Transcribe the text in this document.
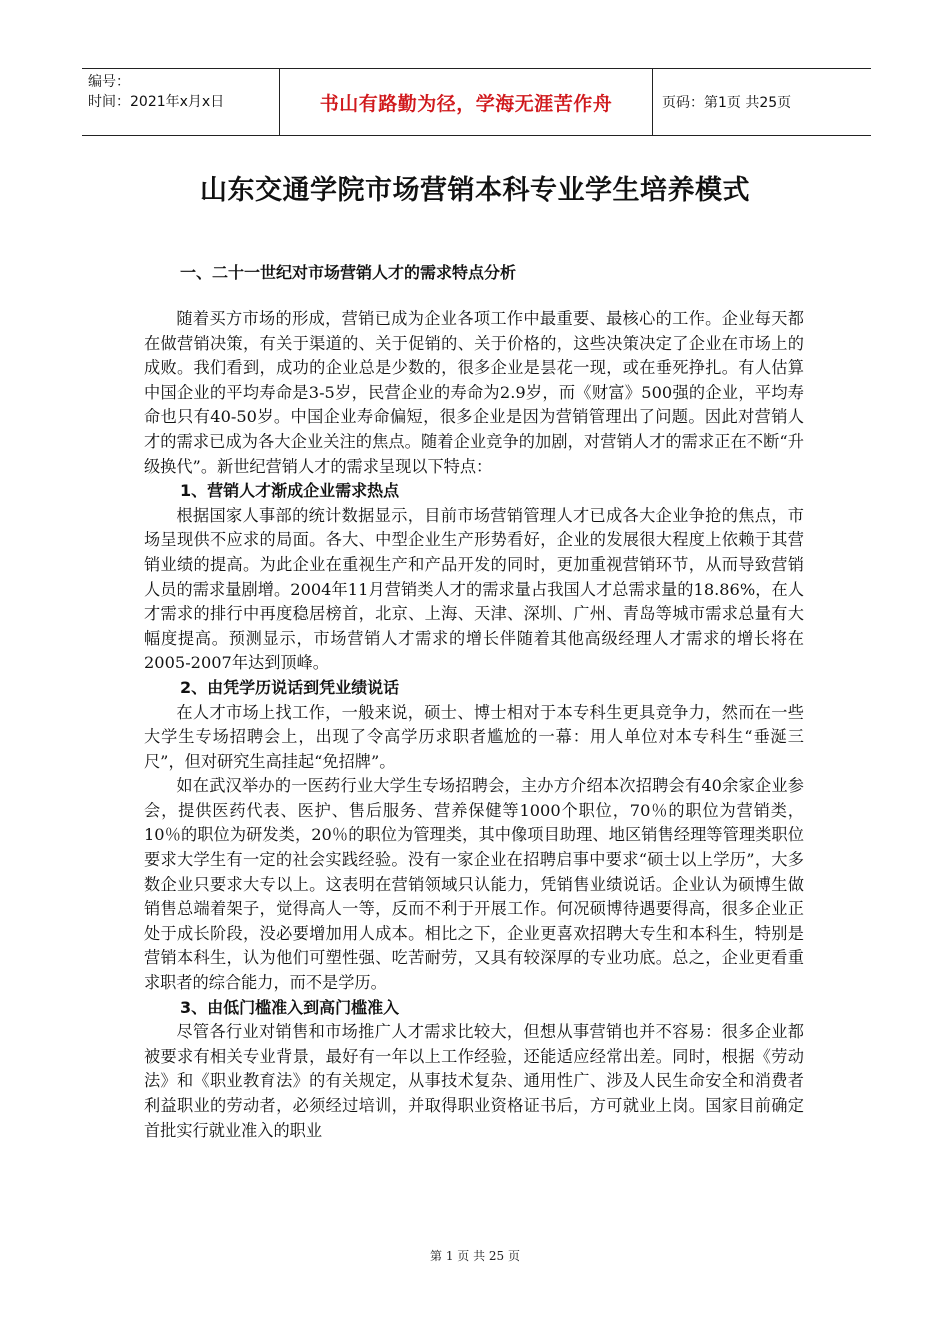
编号：
时间：2021年x月x日	书山有路勤为径，学海无涯苦作舟	页码：第1页 共25页
山东交通学院市场营销本科专业学生培养模式
一、二十一世纪对市场营销人才的需求特点分析

随着买方市场的形成，营销已成为企业各项工作中最重要、最核心的工作。企业每天都在做营销决策，有关于渠道的、关于促销的、关于价格的，这些决策决定了企业在市场上的成败。我们看到，成功的企业总是少数的，很多企业是昙花一现，或在垂死挣扎。有人估算中国企业的平均寿命是3-5岁，民营企业的寿命为2.9岁，而《财富》500强的企业，平均寿命也只有40-50岁。中国企业寿命偏短，很多企业是因为营销管理出了问题。因此对营销人才的需求已成为各大企业关注的焦点。随着企业竞争的加剧，对营销人才的需求正在不断“升级换代”。新世纪营销人才的需求呈现以下特点：

1、营销人才渐成企业需求热点

根据国家人事部的统计数据显示，目前市场营销管理人才已成各大企业争抢的焦点，市场呈现供不应求的局面。各大、中型企业生产形势看好，企业的发展很大程度上依赖于其营销业绩的提高。为此企业在重视生产和产品开发的同时，更加重视营销环节，从而导致营销人员的需求量剧增。2004年11月营销类人才的需求量占我国人才总需求量的18.86%，在人才需求的排行中再度稳居榜首，北京、上海、天津、深圳、广州、青岛等城市需求总量有大幅度提高。预测显示，市场营销人才需求的增长伴随着其他高级经理人才需求的增长将在2005-2007年达到顶峰。

2、由凭学历说话到凭业绩说话

在人才市场上找工作，一般来说，硕士、博士相对于本专科生更具竞争力，然而在一些大学生专场招聘会上，出现了令高学历求职者尴尬的一幕：用人单位对本专科生“垂涎三尺”，但对研究生高挂起“免招牌”。

如在武汉举办的一医药行业大学生专场招聘会，主办方介绍本次招聘会有40余家企业参会，提供医药代表、医护、售后服务、营养保健等1000个职位，70％的职位为营销类，10％的职位为研发类，20％的职位为管理类，其中像项目助理、地区销售经理等管理类职位要求大学生有一定的社会实践经验。没有一家企业在招聘启事中要求“硕士以上学历”，大多数企业只要求大专以上。这表明在营销领域只认能力，凭销售业绩说话。企业认为硕博生做销售总端着架子，觉得高人一等，反而不利于开展工作。何况硕博待遇要得高，很多企业正处于成长阶段，没必要增加用人成本。相比之下，企业更喜欢招聘大专生和本科生，特别是营销本科生，认为他们可塑性强、吃苦耐劳，又具有较深厚的专业功底。总之，企业更看重求职者的综合能力，而不是学历。

3、由低门槛准入到高门槛准入

尽管各行业对销售和市场推广人才需求比较大，但想从事营销也并不容易：很多企业都被要求有相关专业背景，最好有一年以上工作经验，还能适应经常出差。同时，根据《劳动法》和《职业教育法》的有关规定，从事技术复杂、通用性广、涉及人民生命安全和消费者利益职业的劳动者，必须经过培训，并取得职业资格证书后，方可就业上岗。国家目前确定首批实行就业准入的职业

第 1 页 共 25 页
